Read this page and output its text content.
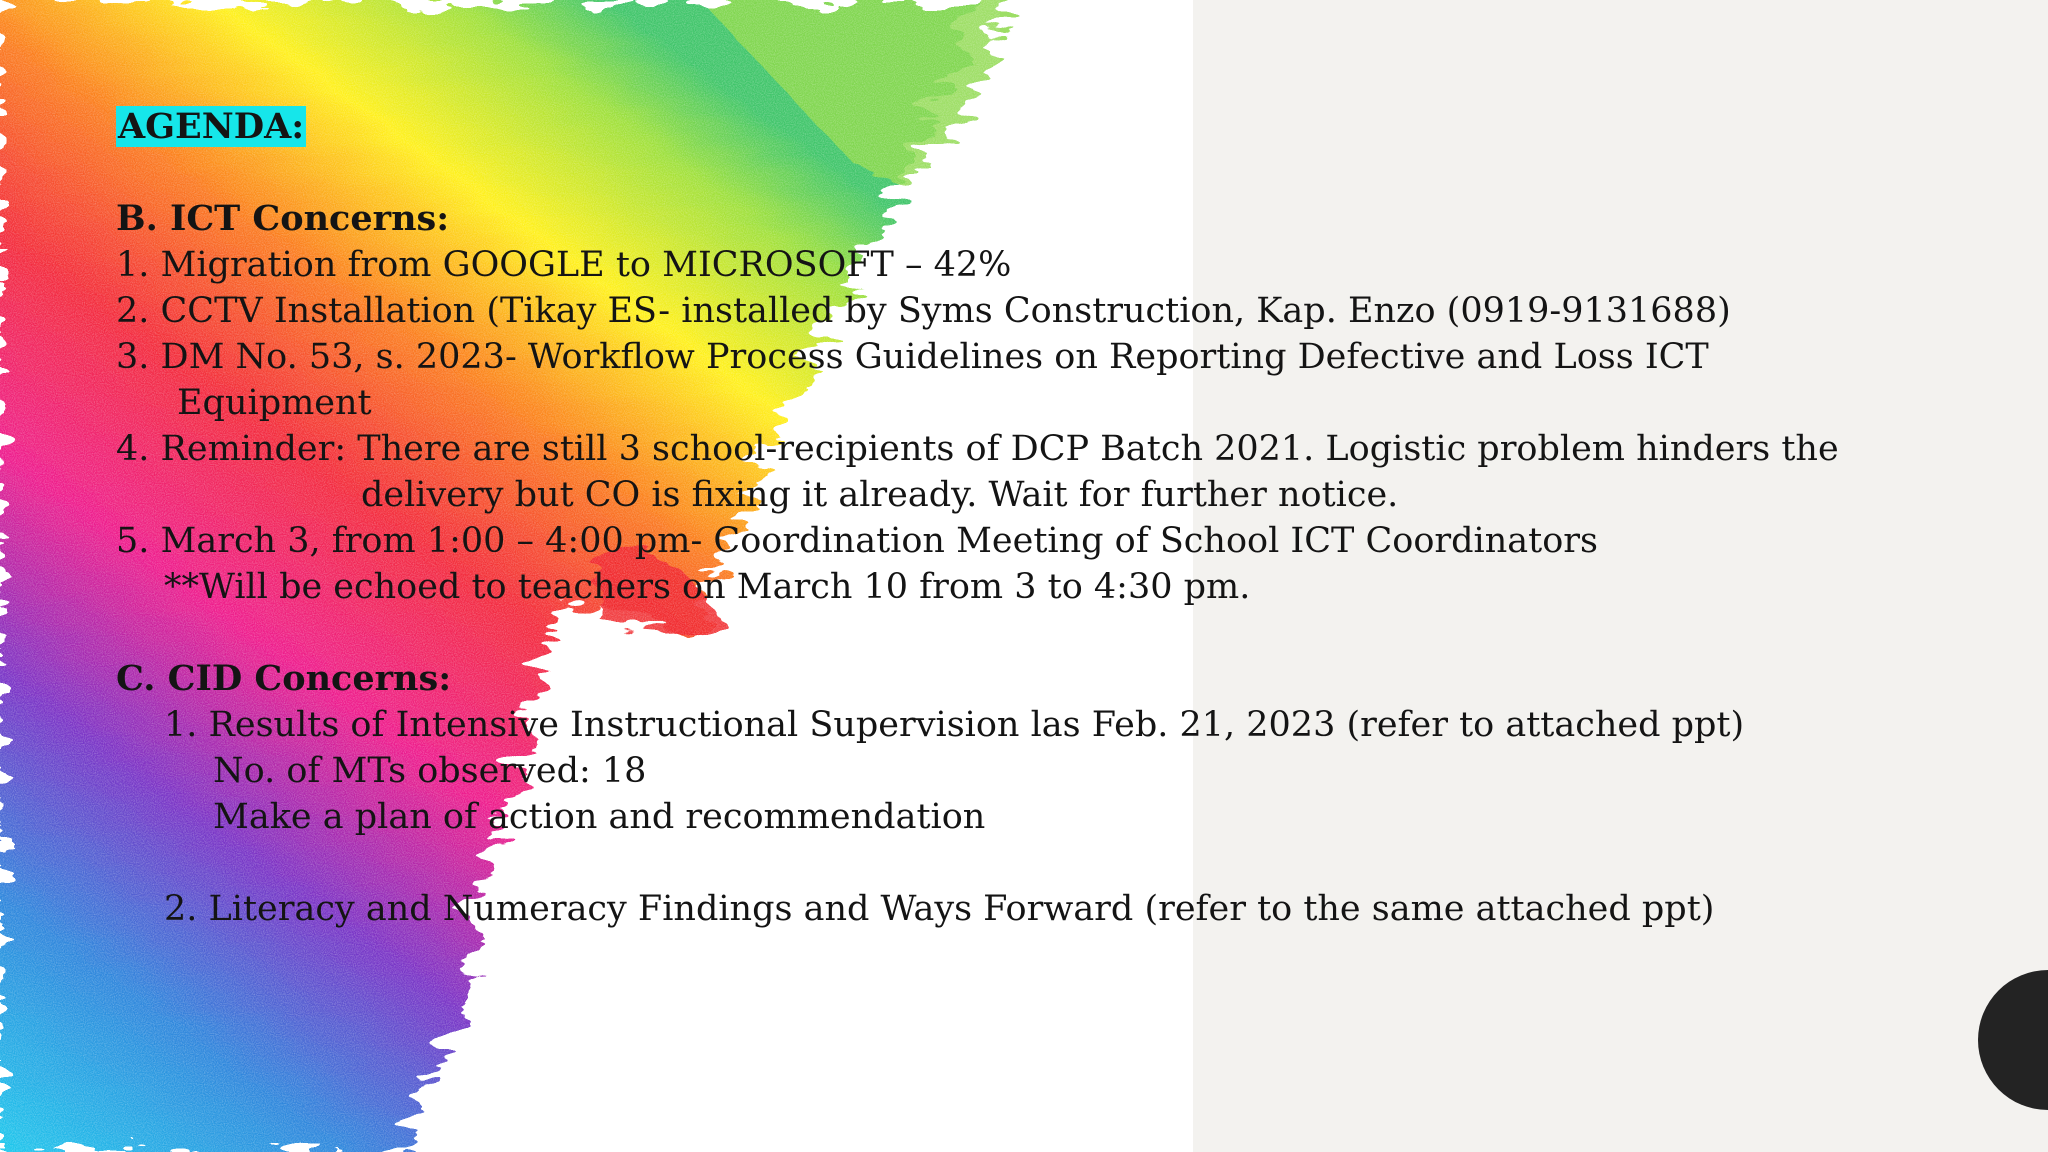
AGENDA:
B. ICT Concerns:
1. Migration from GOOGLE to MICROSOFT – 42%
2. CCTV Installation (Tikay ES- installed by Syms Construction, Kap. Enzo (0919-9131688)
3. DM No. 53, s. 2023- Workflow Process Guidelines on Reporting Defective and Loss ICT
Equipment
4. Reminder: There are still 3 school-recipients of DCP Batch 2021. Logistic problem hinders the
delivery but CO is fixing it already. Wait for further notice.
5. March 3, from 1:00 – 4:00 pm- Coordination Meeting of School ICT Coordinators
**Will be echoed to teachers on March 10 from 3 to 4:30 pm.
C. CID Concerns:
1. Results of Intensive Instructional Supervision las Feb. 21, 2023 (refer to attached ppt)
No. of MTs observed: 18
Make a plan of action and recommendation
2. Literacy and Numeracy Findings and Ways Forward (refer to the same attached ppt)
